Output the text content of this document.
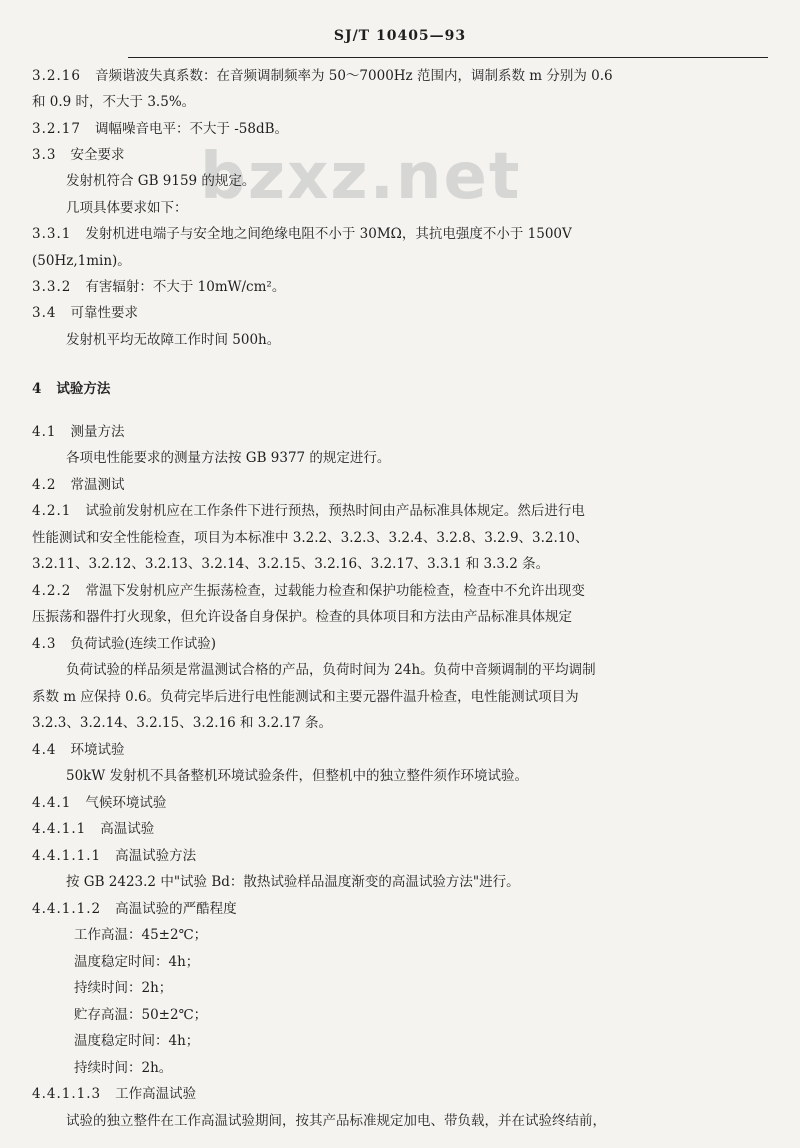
SJ/T 10405—93
bzxz.net
3.2.16 音频谐波失真系数：在音频调制频率为 50～7000Hz 范围内，调制系数 m 分别为 0.6
和 0.9 时，不大于 3.5%。
3.2.17 调幅噪音电平：不大于 -58dB。
3.3 安全要求
发射机符合 GB 9159 的规定。
几项具体要求如下：
3.3.1 发射机进电端子与安全地之间绝缘电阻不小于 30MΩ，其抗电强度不小于 1500V
(50Hz,1min)。
3.3.2 有害辐射：不大于 10mW/cm²。
3.4 可靠性要求
发射机平均无故障工作时间 500h。
4 试验方法
4.1 测量方法
各项电性能要求的测量方法按 GB 9377 的规定进行。
4.2 常温测试
4.2.1 试验前发射机应在工作条件下进行预热，预热时间由产品标准具体规定。然后进行电
性能测试和安全性能检查，项目为本标准中 3.2.2、3.2.3、3.2.4、3.2.8、3.2.9、3.2.10、
3.2.11、3.2.12、3.2.13、3.2.14、3.2.15、3.2.16、3.2.17、3.3.1 和 3.3.2 条。
4.2.2 常温下发射机应产生振荡检查，过载能力检查和保护功能检查，检查中不允许出现变
压振荡和器件打火现象，但允许设备自身保护。检查的具体项目和方法由产品标准具体规定
4.3 负荷试验(连续工作试验)
负荷试验的样品须是常温测试合格的产品，负荷时间为 24h。负荷中音频调制的平均调制
系数 m 应保持 0.6。负荷完毕后进行电性能测试和主要元器件温升检查，电性能测试项目为
3.2.3、3.2.14、3.2.15、3.2.16 和 3.2.17 条。
4.4 环境试验
50kW 发射机不具备整机环境试验条件，但整机中的独立整件须作环境试验。
4.4.1 气候环境试验
4.4.1.1 高温试验
4.4.1.1.1 高温试验方法
按 GB 2423.2 中"试验 Bd：散热试验样品温度渐变的高温试验方法"进行。
4.4.1.1.2 高温试验的严酷程度
工作高温：45±2℃；
温度稳定时间：4h；
持续时间：2h；
贮存高温：50±2℃；
温度稳定时间：4h；
持续时间：2h。
4.4.1.1.3 工作高温试验
试验的独立整件在工作高温试验期间，按其产品标准规定加电、带负载，并在试验终结前，
